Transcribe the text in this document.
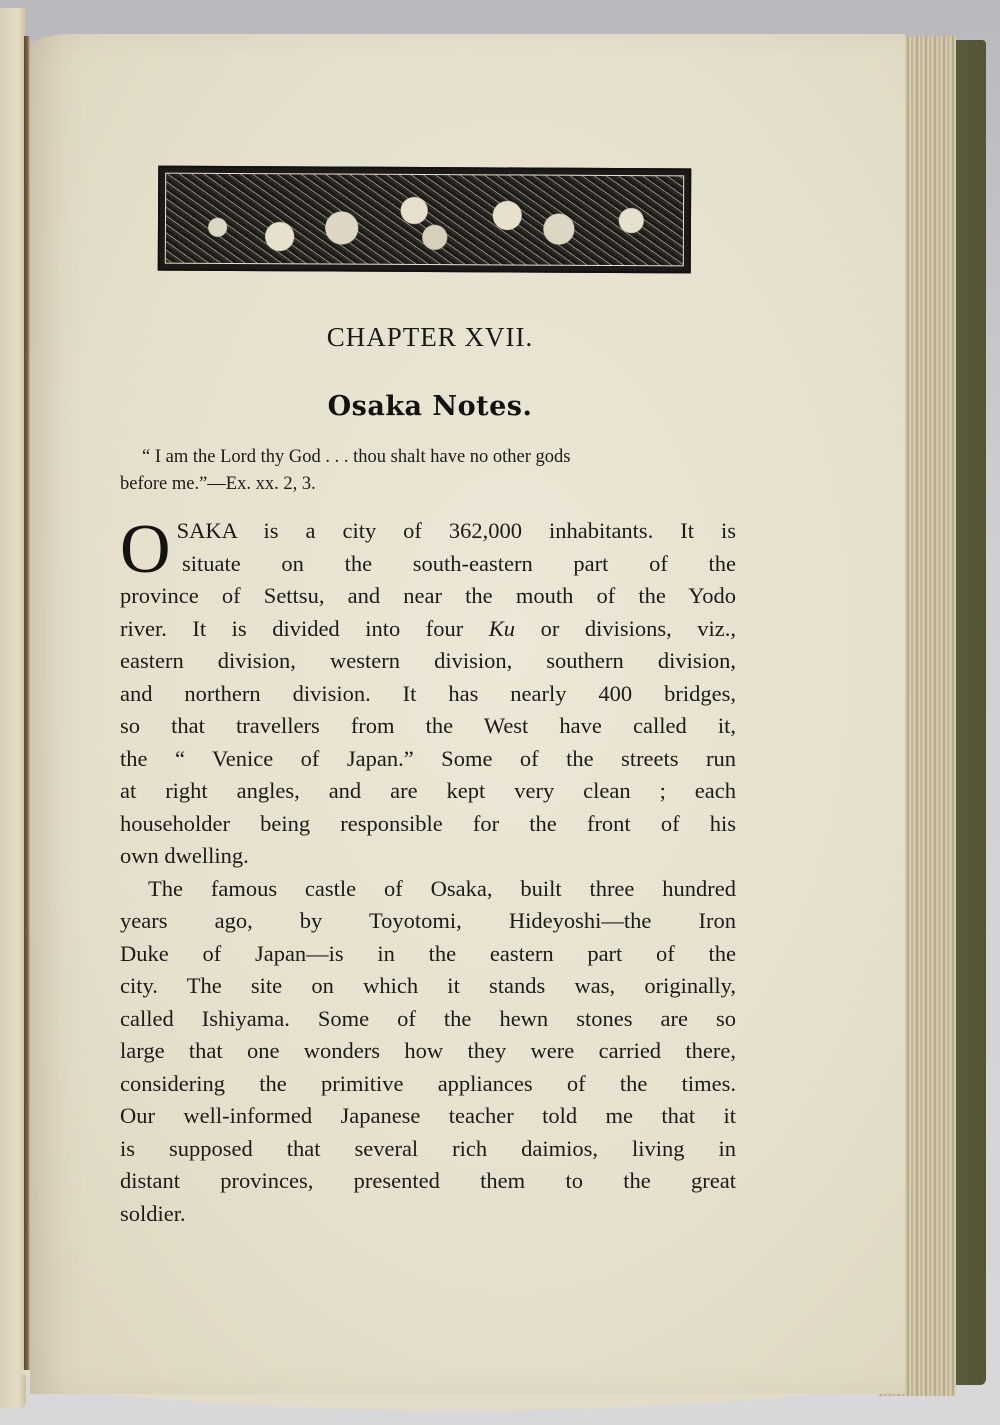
CHAPTER XVII.
Osaka Notes.
“ I am the Lord thy God . . . thou shalt have no other gods
before me.”—Ex. xx. 2, 3.

O SAKA is a city of 362,000 inhabitants. It is
situate on the south-eastern part of the
province of Settsu, and near the mouth of the Yodo
river. It is divided into four Ku or divisions, viz.,
eastern division, western division, southern division,
and northern division. It has nearly 400 bridges,
so that travellers from the West have called it,
the “ Venice of Japan.” Some of the streets run
at right angles, and are kept very clean ; each
householder being responsible for the front of his
own dwelling.

The famous castle of Osaka, built three hundred
years ago, by Toyotomi, Hideyoshi—the Iron
Duke of Japan—is in the eastern part of the
city. The site on which it stands was, originally,
called Ishiyama. Some of the hewn stones are so
large that one wonders how they were carried there,
considering the primitive appliances of the times.
Our well-informed Japanese teacher told me that it
is supposed that several rich daimios, living in
distant provinces, presented them to the great
soldier.
